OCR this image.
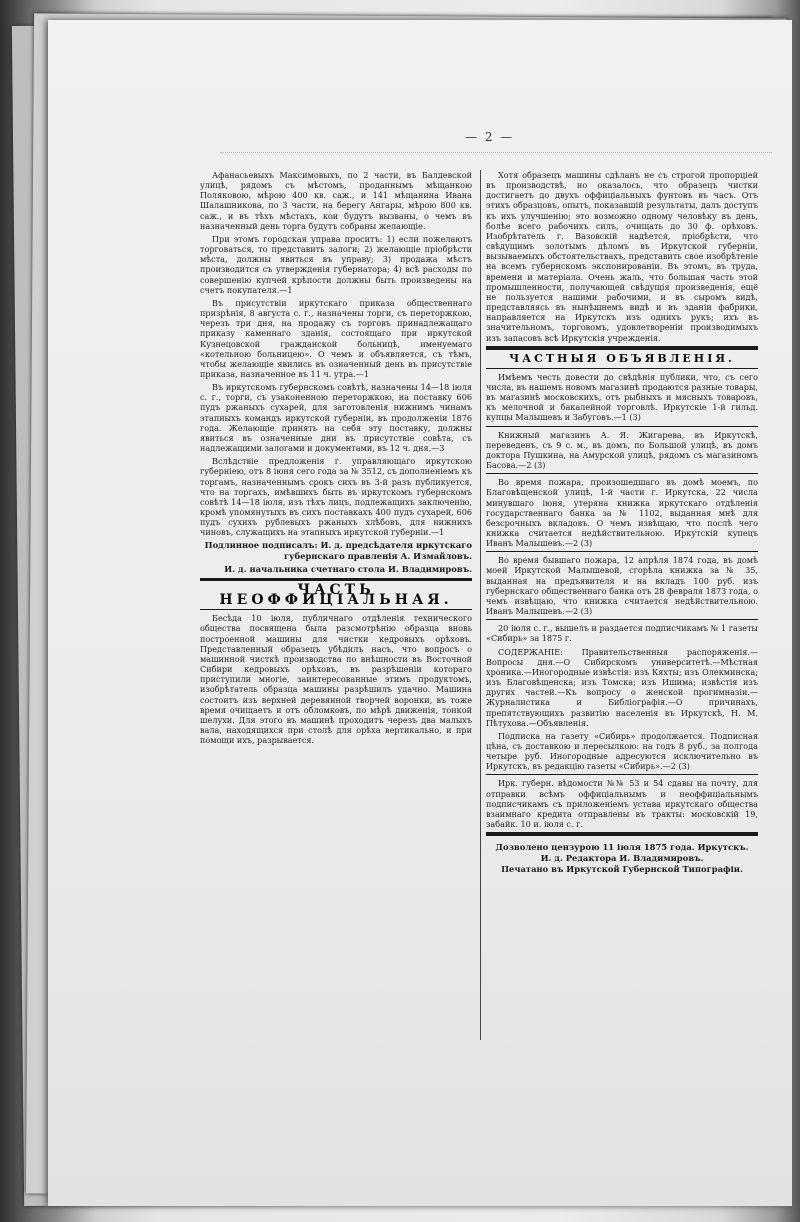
— 2 —

Афанасьевыхъ Максимовыхъ, по 2 части, въ Балдевской улицѣ, рядомъ съ мѣстомъ, проданнымъ мѣщанкою Поляковою, мѣрою 400 кв. саж., и 141 мѣщанина Ивана Шалашникова, по 3 части, на берегу Ангары, мѣрою 800 кв. саж., и въ тѣхъ мѣстахъ, кои будутъ вызваны, о чемъ въ назначенный день торга будутъ собраны желающіе.

При этомъ городская управа проситъ: 1) если пожелаютъ торговаться, то представить залоги; 2) желающіе пріобрѣсти мѣста, должны явиться въ управу; 3) продажа мѣстъ производится съ утвержденія губернатора; 4) всѣ расходы по совершенію купчей крѣпости должны быть произведены на счетъ покупателя.—1

Въ присутствіи иркутскаго приказа общественнаго призрѣнія, 8 августа с. г., назначены торги, съ переторжкою, черезъ три дня, на продажу съ торговъ принадлежащаго приказу каменнаго зданія, состоящаго при иркутской Кузнецовской гражданской больницѣ, именуемаго «котельною больницею». О чемъ и объявляется, съ тѣмъ, чтобы желающіе явились въ означенный день въ присутствіе приказа, назначенное въ 11 ч. утра.—1

Въ иркутскомъ губернскомъ совѣтѣ, назначены 14—18 іюля с. г., торги, съ узаконенною переторжкою, на поставку 606 пудъ ржаныхъ сухарей, для заготовленія нижнимъ чинамъ этапныхъ командъ иркутской губерніи, въ продолженіи 1876 года. Желающіе принять на себя эту поставку, должны явиться въ означенные дни въ присутствіе совѣта, съ надлежащими залогами и документами, въ 12 ч. дня.—3

Вслѣдствіе предложенія г. управляющаго иркутскою губерніею, отъ 8 іюня сего года за № 3512, съ дополненіемъ къ торгамъ, назначеннымъ срокъ сихъ въ 3-й разъ публикуется, что на торгахъ, имѣвшихъ быть въ иркутскомъ губернскомъ совѣтѣ 14—18 іюля, изъ тѣхъ лицъ, подлежащихъ заключенію, кромѣ упомянутыхъ въ сихъ поставкахъ 400 пудъ сухарей, 606 пудъ сухихъ рублевыхъ ржаныхъ хлѣбовъ, для нижнихъ чиновъ, служащихъ на этапныхъ иркутской губерніи.—1

Подлинное подписалъ: И. д. предсѣдателя иркутскаго губернскаго правленія А. Измайловъ.

И. д. начальника счетнаго стола И. Владимировъ.

ЧАСТЬ НЕОФФИЦІАЛЬНАЯ.

Бесѣда 10 іюля, публичнаго отдѣленія технического общества посвящена была разсмотрѣнію образца вновь построенной машины для чистки кедровыхъ орѣховъ. Представленный образецъ убѣдилъ насъ, что вопросъ о машинной чисткѣ производства по внѣшности въ Восточной Сибири кедровыхъ орѣховъ, въ разрѣшеніи котораго приступили многіе, заинтересованные этимъ продуктомъ, изобрѣтатель образца машины разрѣшилъ удачно. Машина состоитъ изъ верхней деревянной творчей воронки, въ тоже время очищаетъ и отъ обломковъ, по мѣрѣ движенія, тонкой шелухи. Для этого въ машинѣ проходитъ черезъ два малыхъ вала, находящихся при столѣ для орѣха вертикально, и при помощи ихъ, разрывается.

Хотя образецъ машины сдѣланъ не съ строгой пропорціей въ производствѣ, но оказалось, что образецъ чистки достигаетъ до двухъ оффиціальныхъ фунтовъ въ часъ. Отъ этихъ образцовъ, опытъ, показавшій результаты, далъ доступъ къ ихъ улучшенію; это возможно одному человѣку въ день, болѣе всего рабочихъ силъ, очищать до 30 ф. орѣховъ. Изобрѣтатель г. Вазовскій надѣется, пріобрѣсти, что свѣдущимъ золотымъ дѣломъ въ Иркутской губерніи, вызываемыхъ обстоятельствахъ, представить свое изобрѣтеніе на всемъ губернскомъ экспонированіи. Въ этомъ, въ труда, времени и матеріала. Очень жаль, что большая часть этой промышленности, получающей свѣдущія произведенія, ещё не пользуется нашими рабочими, и въ сыромъ видѣ, представляясь въ нынѣшнемъ видѣ и въ зданіи фабрики, направляется на Иркутскъ изъ однихъ рукъ; ихъ въ значительномъ, торговомъ, удовлетвореніи производимыхъ изъ запасовъ всѣ Иркутскія учрежденія.

ЧАСТНЫЯ ОБЪЯВЛЕНІЯ.

Имѣемъ честь довести до свѣдѣнія публики, что, съ сего числа, въ нашемъ новомъ магазинѣ продаются разные товары, въ магазинѣ московскихъ, отъ рыбныхъ и мясныхъ товаровъ, къ мелочной и бакалейной торговлѣ. Иркутскіе 1-й гильд. купцы Малышевъ и Забуговъ.—1 (3)

Книжный магазинъ А. Я. Жигарева, въ Иркутскѣ, переведенъ, съ 9 с. м., въ домъ, по Большой улицѣ, въ домъ доктора Пушкина, на Амурской улицѣ, рядомъ съ магазиномъ Басова.—2 (3)

Во время пожара, произошедшаго въ домѣ моемъ, по Благовѣщенской улицѣ, 1-й части г. Иркутска, 22 числа минувшаго іюня, утеряна книжка иркутскаго отдѣленія государственнаго банка за № 1102, выданная мнѣ для безсрочныхъ вкладовъ. О чемъ извѣщаю, что послѣ чего книжка считается недѣйствительною. Иркутскій купецъ Иванъ Малышевъ.—2 (3)

Во время бывшаго пожара, 12 апрѣля 1874 года, въ домѣ моей Иркутской Малышевой, сгорѣла книжка за № 35, выданная на предъявителя и на вкладъ 100 руб. изъ губернскаго общественнаго банка отъ 28 февраля 1873 года, о чемъ извѣщаю, что книжка считается недѣйствительною. Иванъ Малышевъ.—2 (3)

20 іюля с. г., вышелъ и раздается подписчикамъ № 1 газеты «Сибирь» за 1875 г.

СОДЕРЖАНІЕ: Правительственныя распоряженія.—Вопросы дня.—О Сибирскомъ университетѣ.—Мѣстная хроника.—Иногородные извѣстія: изъ Кяхты; изъ Олекминска; изъ Благовѣщенска; изъ Томска; изъ Ишима; извѣстія изъ других частей.—Къ вопросу о женской прогимназіи.—Журналистика и Библіографія.—О причинахъ, препятствующихъ развитію населенія въ Иркутскѣ, Н. М. Пѣтухова.—Объявленія.

Подписка на газету «Сибирь» продолжается. Подписная цѣна, съ доставкою и пересылкою: на годъ 8 руб., за полгода четыре руб. Иногородные адресуются исключительно въ Иркутскъ, въ редакцію газеты «Сибирь».—2 (3)

Ирк. губерн. вѣдомости №№ 53 и 54 сдавы на почту, для отправки всѣмъ оффиціальнымъ и неоффиціальнымъ подписчикамъ съ приложеніемъ устава иркутскаго общества взаимнаго кредита отправлены въ тракты: московскій 19, забайк. 10 и. іюля с. г.

Дозволено цензурою 11 іюля 1875 года. Иркутскъ.
И. д. Редактора И. Владимировъ.
Печатано въ Иркутской Губернской Типографіи.
